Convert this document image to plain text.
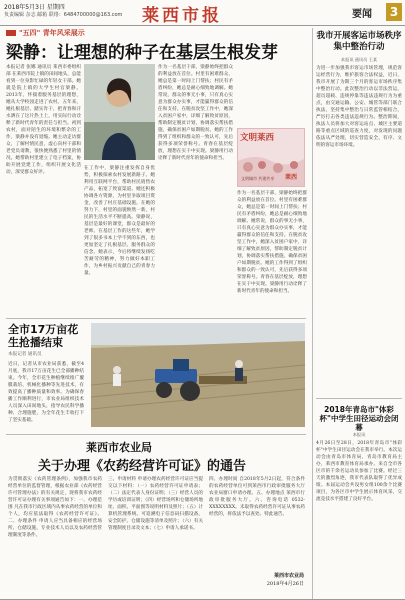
2018年5月3日 星期四
负责编辑 杂志 邮箱 联络：6484700000@163.com 莱西市报	要闻	3
"五四" 青年风采展示
梁静：让理想的种子在基层生根发芽
本报记者 张娜 通讯员 莱西市委组织部 在莱西市院上镇的田间地头，总能看到一位身影忙碌的年轻女干部。她就是院上镇的大学生村官梁静。2013年，怀揣着服务基层的理想，她从大学校园走进了农村。五年来，她扎根基层、踏实肯干，把青春和汗水洒在了这片热土上，用实际行动诠释了新时代青年的责任与担当。初到农村，面对陌生的环境和繁杂的工作，梁静并没有退缩。她主动走访群众，了解村情民意，虚心向村干部和老党员请教，很快便熟悉了村里的情况。她帮助村里建立了电子档案，协助开展党建工作，组织开展文化活动，深受群众好评。
在工作中，梁静注重发挥自身优势，积极探索农村发展新路子。她利用互联网平台，帮助村民销售农产品，拓宽了致富渠道。她还积极协调各方资源，为村里争取项目资金，改善了村庄基础设施。在她的努力下，村里的面貌焕然一新，村民的生活水平不断提高。梁静说，基层是最好的课堂，群众是最好的老师。在基层工作的这些年，她学到了很多书本上学不到的东西，也更加坚定了扎根基层、服务群众的信念。她表示，今后将继续发扬吃苦耐劳的精神，努力做好本职工作，为乡村振兴贡献自己的青春力量。
作为一名基层干部，梁静始终把群众的利益放在首位。村里有困难群众，她总是第一时间上门帮扶；村民有矛盾纠纷，她总是耐心细致地调解。她常说，群众的事无小事，只有真心实意为群众办实事，才能赢得群众的信任和支持。在脱贫攻坚工作中，她深入贫困户家中，详细了解致贫原因，帮助制定脱贫计划，协调落实帮扶措施，确保贫困户如期脱贫。她的工作得到了组织和群众的一致认可，先后获得多项荣誉称号。青春在基层绽放，理想在实干中实现。梁静用行动诠释了新时代青年的使命和担当。
文明莱西
文明城市 共建共享 莱西
作为一名基层干部，梁静始终把群众的利益放在首位。村里有困难群众，她总是第一时间上门帮扶；村民有矛盾纠纷，她总是耐心细致地调解。她常说，群众的事无小事，只有真心实意为群众办实事，才能赢得群众的信任和支持。在脱贫攻坚工作中，她深入贫困户家中，详细了解致贫原因，帮助制定脱贫计划，协调落实帮扶措施，确保贫困户如期脱贫。她的工作得到了组织和群众的一致认可，先后获得多项荣誉称号。青春在基层绽放，理想在实干中实现。梁静用行动诠释了新时代青年的使命和担当。
全市17万亩花生抢播结束
本报记者 通讯员
近日，记者从市农业局获悉，截至4月底，我市17万亩花生已全部播种结束。今年，全市花生种植继续推广覆膜栽培、机械化播种等先进技术，有效提高了播种质量和效率。为确保春播工作顺利进行，市农业局组织技术人员深入田间地头，指导农民科学播种、合理施肥，为全年花生丰收打下了坚实基础。
莱西市农业局
关于办理《农药经营许可证》的通告
为贯彻落实《农药管理条例》，加强我市农药经营单位的监督管理，根据农业部《农药经营许可管理办法》的有关规定，现将我市农药经营许可证办理有关事项通告如下：一、办理范围 凡在我市行政区域内从事农药经营的单位和个人，均应依法取得《农药经营许可证》。二、办理条件 申请人应当具备相应的经营场所、仓储设施、专业技术人员以及农药经营管理制度等条件。
三、申请材料 申请办理农药经营许可证应当提交以下材料：（一）农药经营许可证申请表；（二）法定代表人身份证明；（三）经营人员的学历或培训证明；（四）经营场所和仓储场所地址、面积、平面图等说明材料及照片；（五）计算机管理系统、可追溯电子信息码扫描设备、安全防护、仓储设施等清单及照片；（六）有关管理制度目录及文本；（七）申请人承诺书。
四、办理时间 自2018年5月2日起，符合条件的农药经营单位可到莱西市行政审批服务大厅农业局窗口申请办理。五、办理地点 莱西市行政审批服务大厅。六、咨询电话 0532-XXXXXXXX。未取得农药经营许可证从事农药经营的，将依法予以查处。特此通告。
莱西市农业局
2018年4月26日
我市开展客运市场秩序集中整治行动
本报讯 通讯员 王某
为进一步加强我市客运市场管理，规范客运经营行为，维护旅客合法权益，近日，我市开展了为期三个月的客运市场秩序集中整治行动。此次整治行动以非法营运、超员超载、违规停靠等违法违规行为为重点，由交通运输、公安、城管等部门联合执法，坚持集中整治与日常监管相结合，严厉打击各类违法违规行为。整治期间，执法人员将加大对客运站点、城区主要道路等重点区域的巡查力度，对发现的问题依法从严处理，切实营造安全、有序、文明的客运市场环境。
2018年青岛市"体彩杯"中学生田径运动会闭幕
本报讯
4月26日至28日，2018年青岛市"体彩杯"中学生田径运动会在我市举行。本次运动会由青岛市体育局、青岛市教育局主办，莱西市教育体育局承办。来自全市各区市的千余名运动员参加了比赛。经过三天的激烈角逐，我市代表队取得了优异成绩。本届运动会共设男女组100余个比赛项目，为各区市中学生展示体育风采、交流竞技水平搭建了良好平台。
